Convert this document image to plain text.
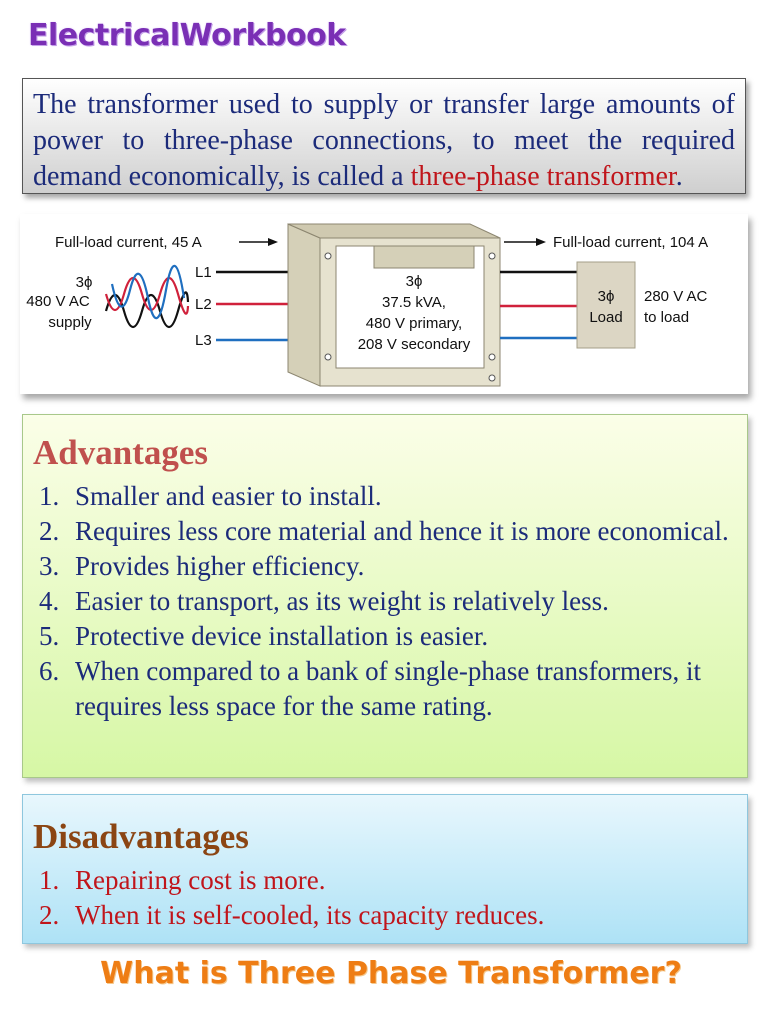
ElectricalWorkbook

The transformer used to supply or transfer large amounts of power to three-phase connections, to meet the required demand economically, is called a three-phase transformer.

Full-load current, 45 A	Full-load current, 104 A
3ϕ
480 V AC
supply
L1
L2
L3
3ϕ
37.5 kVA,
480 V primary,
208 V secondary
3ϕ
Load
280 V AC
to load
Advantages
1. Smaller and easier to install.
2. Requires less core material and hence it is more economical.
3. Provides higher efficiency.
4. Easier to transport, as its weight is relatively less.
5. Protective device installation is easier.
6. When compared to a bank of single-phase transformers, it requires less space for the same rating.
Disadvantages
1. Repairing cost is more.
2. When it is self-cooled, its capacity reduces.
What is Three Phase Transformer?
